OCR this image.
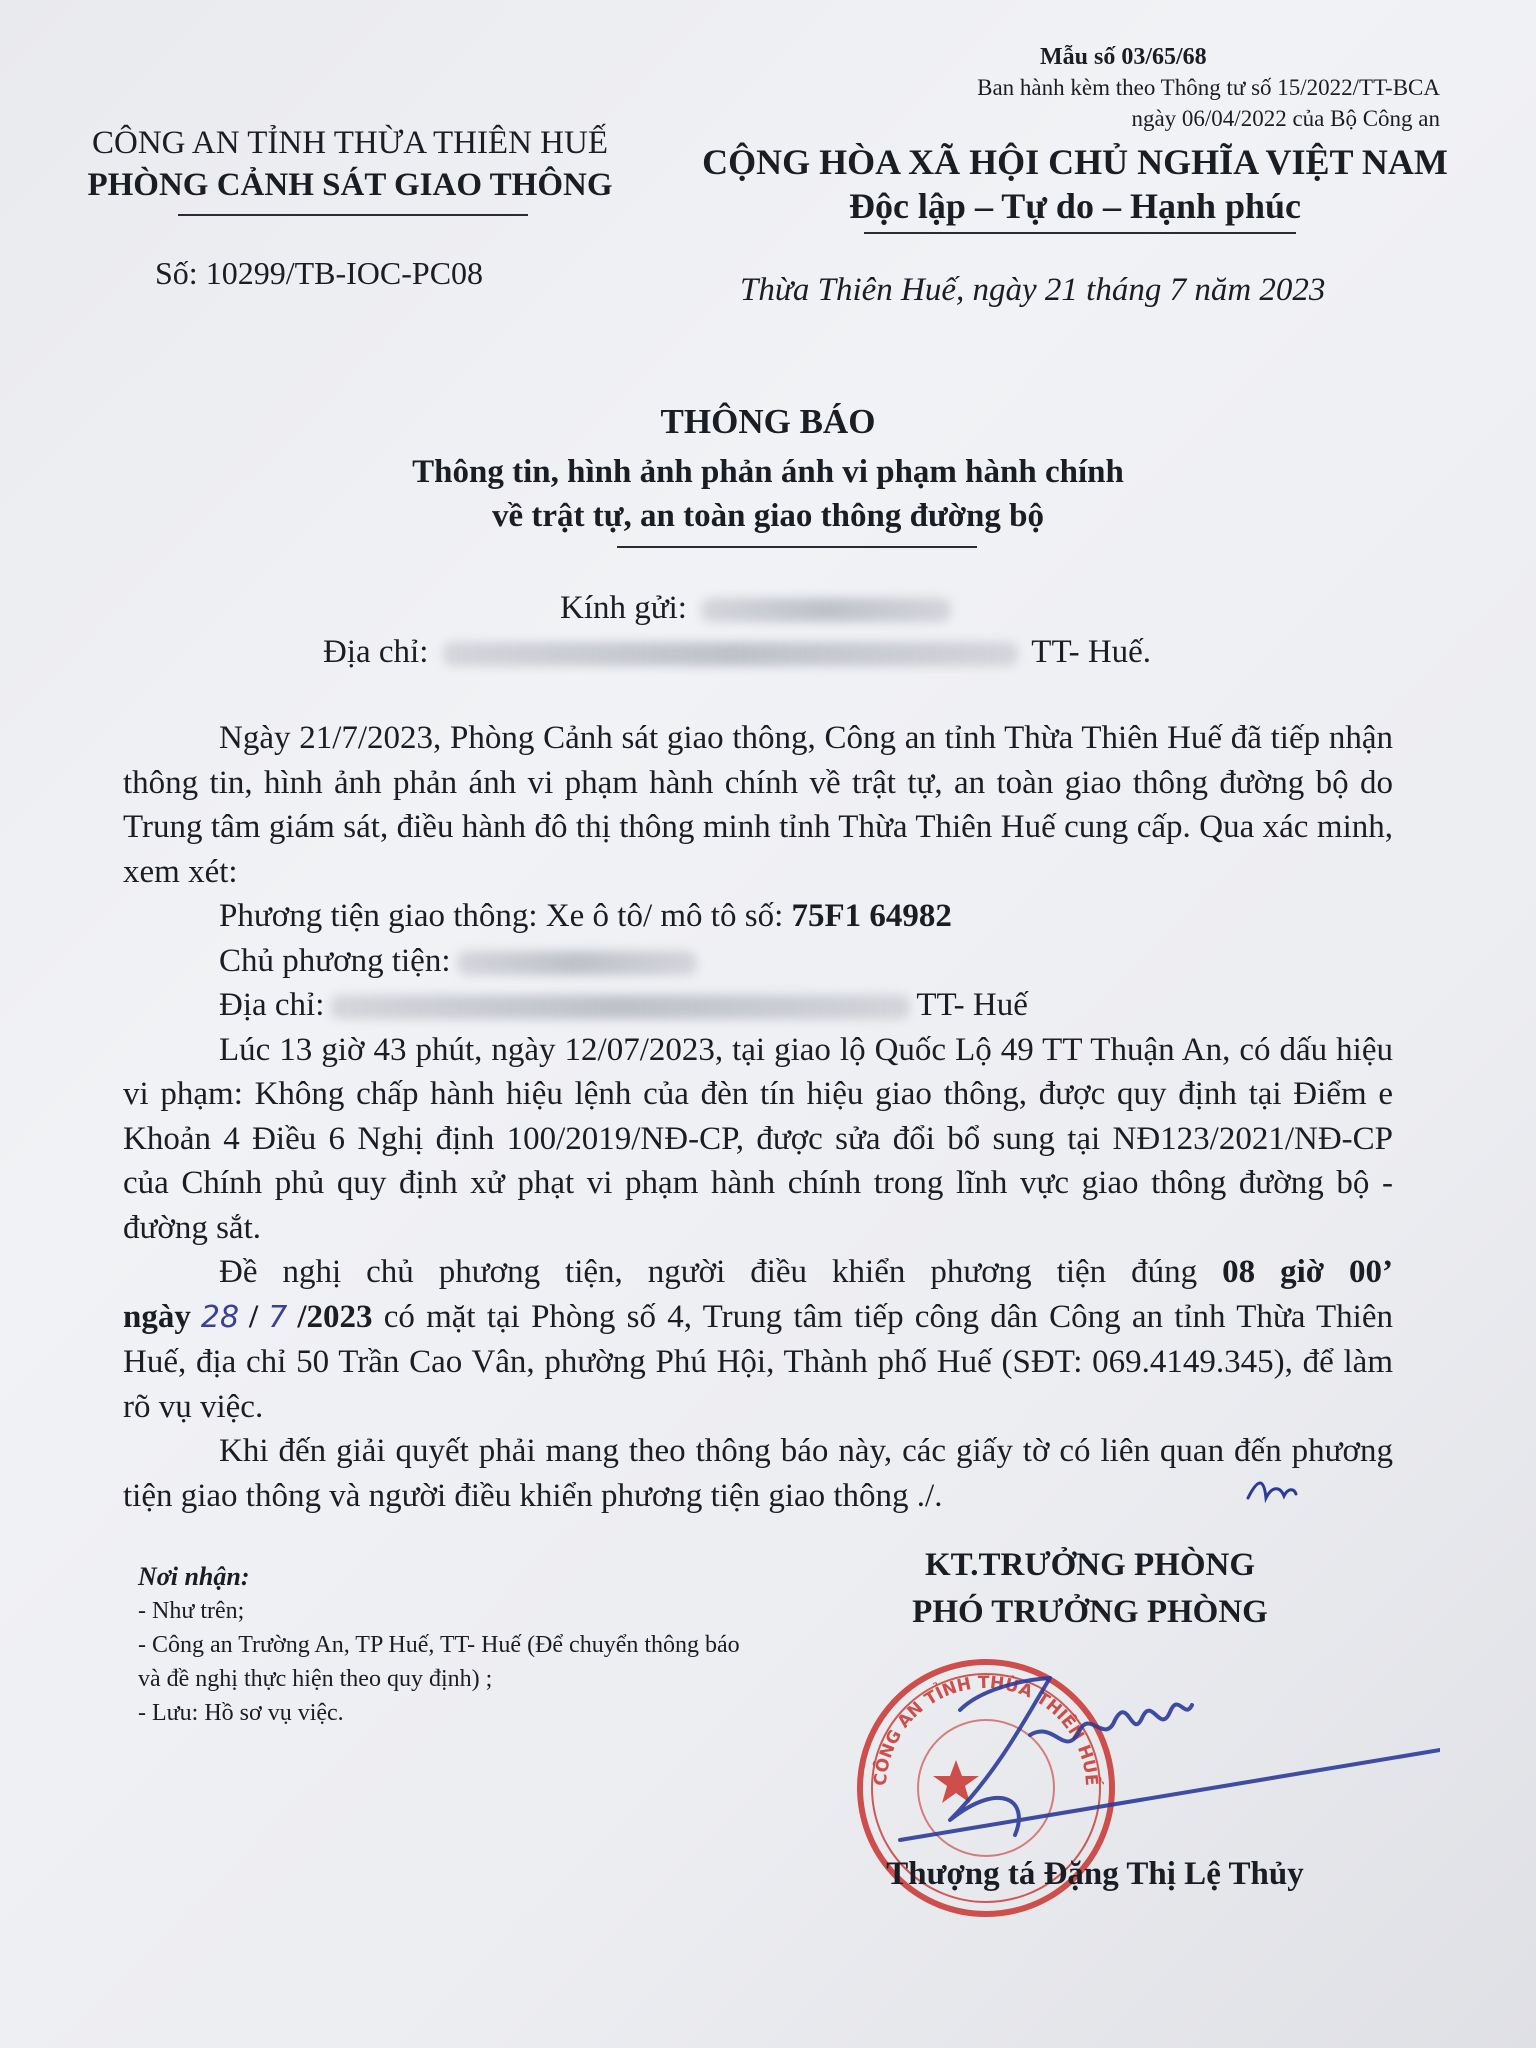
Mẫu số 03/65/68
Ban hành kèm theo Thông tư số 15/2022/TT-BCA
ngày 06/04/2022 của Bộ Công an
CÔNG AN TỈNH THỪA THIÊN HUẾ
PHÒNG CẢNH SÁT GIAO THÔNG
CỘNG HÒA XÃ HỘI CHỦ NGHĨA VIỆT NAM
Độc lập – Tự do – Hạnh phúc
Số: 10299/TB-IOC-PC08	Thừa Thiên Huế, ngày 21 tháng 7 năm 2023
THÔNG BÁO
Thông tin, hình ảnh phản ánh vi phạm hành chính
về trật tự, an toàn giao thông đường bộ
Kính gửi:
Địa chỉ:	TT- Huế.

Ngày 21/7/2023, Phòng Cảnh sát giao thông, Công an tỉnh Thừa Thiên Huế đã tiếp nhận thông tin, hình ảnh phản ánh vi phạm hành chính về trật tự, an toàn giao thông đường bộ do Trung tâm giám sát, điều hành đô thị thông minh tỉnh Thừa Thiên Huế cung cấp. Qua xác minh, xem xét:

Phương tiện giao thông: Xe ô tô/ mô tô số: 75F1 64982

Chủ phương tiện:

Địa chỉ:	TT- Huế

Lúc 13 giờ 43 phút, ngày 12/07/2023, tại giao lộ Quốc Lộ 49 TT Thuận An, có dấu hiệu vi phạm: Không chấp hành hiệu lệnh của đèn tín hiệu giao thông, được quy định tại Điểm e Khoản 4 Điều 6 Nghị định 100/2019/NĐ-CP, được sửa đổi bổ sung tại NĐ123/2021/NĐ-CP của Chính phủ quy định xử phạt vi phạm hành chính trong lĩnh vực giao thông đường bộ - đường sắt.

Đề nghị chủ phương tiện, người điều khiển phương tiện đúng 08 giờ 00’ ngày 28 / 7 /2023 có mặt tại Phòng số 4, Trung tâm tiếp công dân Công an tỉnh Thừa Thiên Huế, địa chỉ 50 Trần Cao Vân, phường Phú Hội, Thành phố Huế (SĐT: 069.4149.345), để làm rõ vụ việc.

Khi đến giải quyết phải mang theo thông báo này, các giấy tờ có liên quan đến phương tiện giao thông và người điều khiển phương tiện giao thông ./.

Nơi nhận:
- Như trên;
- Công an Trường An, TP Huế, TT- Huế (Để chuyển thông báo và đề nghị thực hiện theo quy định) ;
- Lưu: Hồ sơ vụ việc.
KT.TRƯỞNG PHÒNG
PHÓ TRƯỞNG PHÒNG
CÔNG AN TỈNH THỪA THIÊN HUẾ
Thượng tá Đặng Thị Lệ Thủy
